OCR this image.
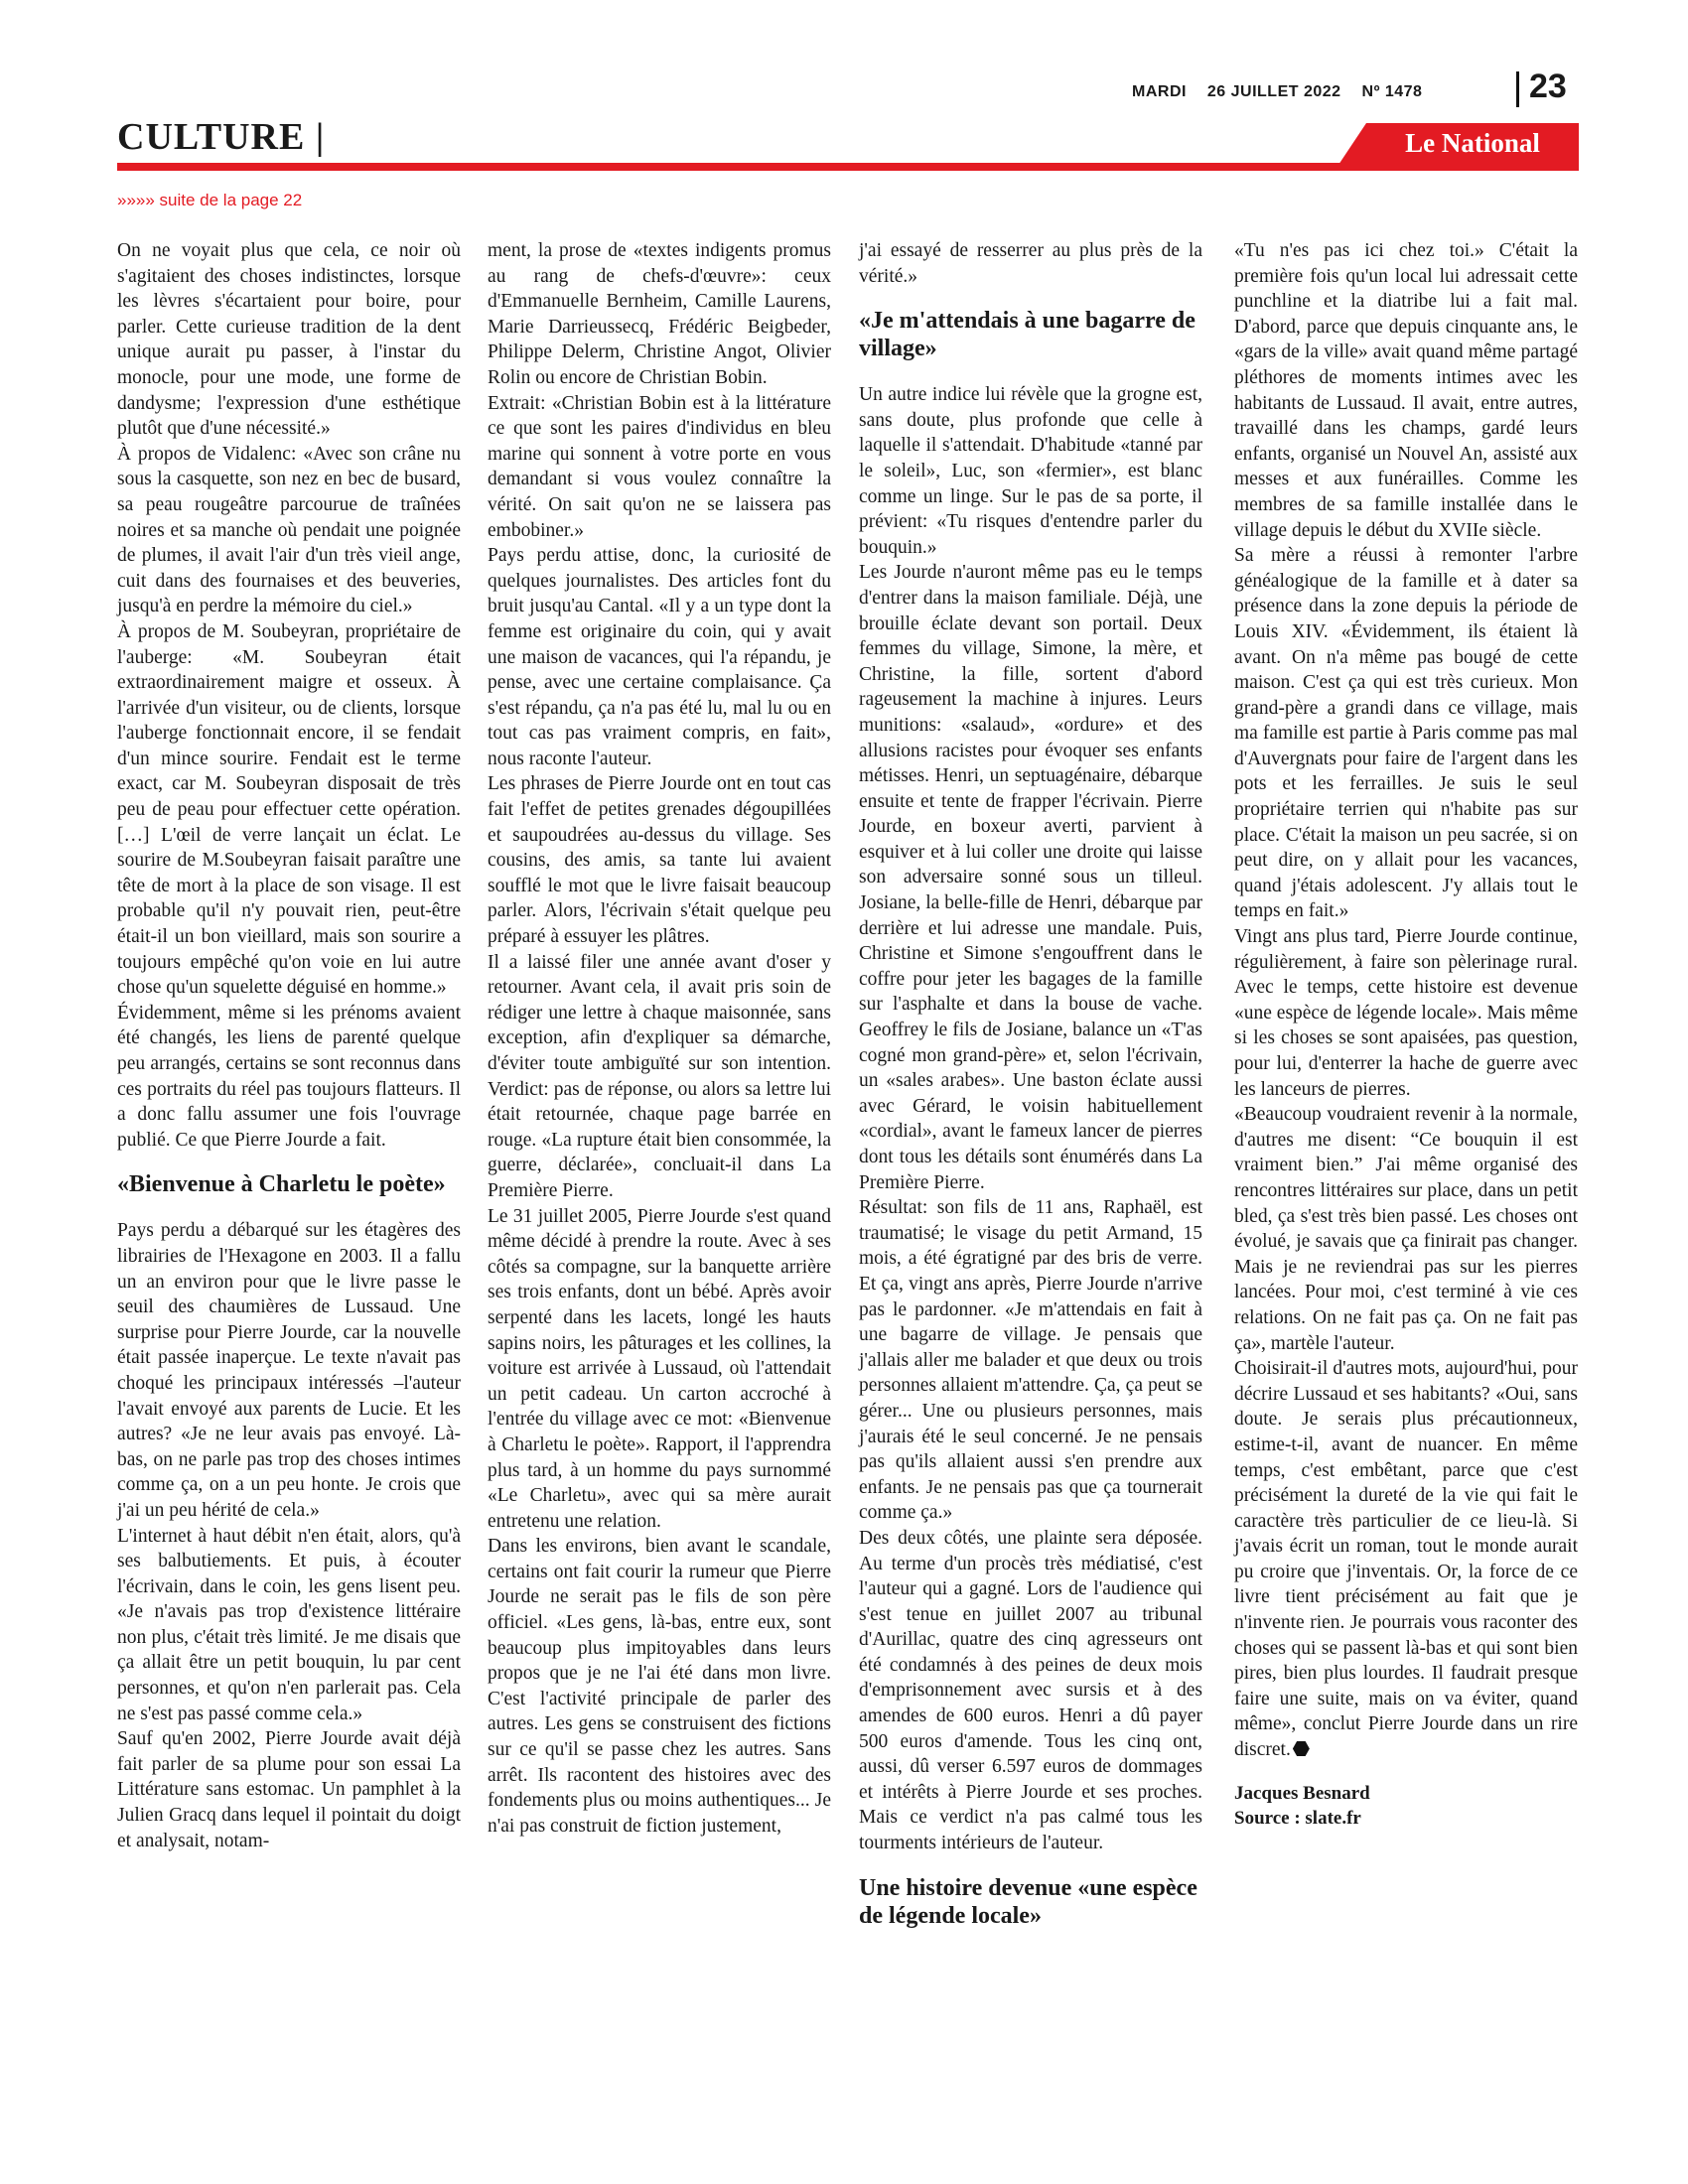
MARDI 26 JUILLET 2022 Nº 1478	23
CULTURE |	Le National
»»»» suite de la page 22

On ne voyait plus que cela, ce noir où s'agitaient des choses indistinctes, lorsque les lèvres s'écartaient pour boire, pour parler. Cette curieuse tradition de la dent unique aurait pu passer, à l'instar du monocle, pour une mode, une forme de dandysme; l'expression d'une esthétique plutôt que d'une nécessité.»

À propos de Vidalenc: «Avec son crâne nu sous la casquette, son nez en bec de busard, sa peau rougeâtre parcourue de traînées noires et sa manche où pendait une poignée de plumes, il avait l'air d'un très vieil ange, cuit dans des fournaises et des beuveries, jusqu'à en perdre la mémoire du ciel.»

À propos de M. Soubeyran, propriétaire de l'auberge: «M. Soubeyran était extraordinairement maigre et osseux. À l'arrivée d'un visiteur, ou de clients, lorsque l'auberge fonctionnait encore, il se fendait d'un mince sourire. Fendait est le terme exact, car M. Soubeyran disposait de très peu de peau pour effectuer cette opération. […] L'œil de verre lançait un éclat. Le sourire de M.Soubeyran faisait paraître une tête de mort à la place de son visage. Il est probable qu'il n'y pouvait rien, peut-être était-il un bon vieillard, mais son sourire a toujours empêché qu'on voie en lui autre chose qu'un squelette déguisé en homme.»

Évidemment, même si les prénoms avaient été changés, les liens de parenté quelque peu arrangés, certains se sont reconnus dans ces portraits du réel pas toujours flatteurs. Il a donc fallu assumer une fois l'ouvrage publié. Ce que Pierre Jourde a fait.

«Bienvenue à Charletu le poète»

Pays perdu a débarqué sur les étagères des librairies de l'Hexagone en 2003. Il a fallu un an environ pour que le livre passe le seuil des chaumières de Lussaud. Une surprise pour Pierre Jourde, car la nouvelle était passée inaperçue. Le texte n'avait pas choqué les principaux intéressés –l'auteur l'avait envoyé aux parents de Lucie. Et les autres? «Je ne leur avais pas envoyé. Là-bas, on ne parle pas trop des choses intimes comme ça, on a un peu honte. Je crois que j'ai un peu hérité de cela.»

L'internet à haut débit n'en était, alors, qu'à ses balbutiements. Et puis, à écouter l'écrivain, dans le coin, les gens lisent peu. «Je n'avais pas trop d'existence littéraire non plus, c'était très limité. Je me disais que ça allait être un petit bouquin, lu par cent personnes, et qu'on n'en parlerait pas. Cela ne s'est pas passé comme cela.»

Sauf qu'en 2002, Pierre Jourde avait déjà fait parler de sa plume pour son essai La Littérature sans estomac. Un pamphlet à la Julien Gracq dans lequel il pointait du doigt et analysait, notam-

ment, la prose de «textes indigents promus au rang de chefs-d'œuvre»: ceux d'Emmanuelle Bernheim, Camille Laurens, Marie Darrieussecq, Frédéric Beigbeder, Philippe Delerm, Christine Angot, Olivier Rolin ou encore de Christian Bobin.

Extrait: «Christian Bobin est à la littérature ce que sont les paires d'individus en bleu marine qui sonnent à votre porte en vous demandant si vous voulez connaître la vérité. On sait qu'on ne se laissera pas embobiner.»

Pays perdu attise, donc, la curiosité de quelques journalistes. Des articles font du bruit jusqu'au Cantal. «Il y a un type dont la femme est originaire du coin, qui y avait une maison de vacances, qui l'a répandu, je pense, avec une certaine complaisance. Ça s'est répandu, ça n'a pas été lu, mal lu ou en tout cas pas vraiment compris, en fait», nous raconte l'auteur.

Les phrases de Pierre Jourde ont en tout cas fait l'effet de petites grenades dégoupillées et saupoudrées au-dessus du village. Ses cousins, des amis, sa tante lui avaient soufflé le mot que le livre faisait beaucoup parler. Alors, l'écrivain s'était quelque peu préparé à essuyer les plâtres.

Il a laissé filer une année avant d'oser y retourner. Avant cela, il avait pris soin de rédiger une lettre à chaque maisonnée, sans exception, afin d'expliquer sa démarche, d'éviter toute ambiguïté sur son intention. Verdict: pas de réponse, ou alors sa lettre lui était retournée, chaque page barrée en rouge. «La rupture était bien consommée, la guerre, déclarée», concluait-il dans La Première Pierre.

Le 31 juillet 2005, Pierre Jourde s'est quand même décidé à prendre la route. Avec à ses côtés sa compagne, sur la banquette arrière ses trois enfants, dont un bébé. Après avoir serpenté dans les lacets, longé les hauts sapins noirs, les pâturages et les collines, la voiture est arrivée à Lussaud, où l'attendait un petit cadeau. Un carton accroché à l'entrée du village avec ce mot: «Bienvenue à Charletu le poète». Rapport, il l'apprendra plus tard, à un homme du pays surnommé «Le Charletu», avec qui sa mère aurait entretenu une relation.

Dans les environs, bien avant le scandale, certains ont fait courir la rumeur que Pierre Jourde ne serait pas le fils de son père officiel. «Les gens, là-bas, entre eux, sont beaucoup plus impitoyables dans leurs propos que je ne l'ai été dans mon livre. C'est l'activité principale de parler des autres. Les gens se construisent des fictions sur ce qu'il se passe chez les autres. Sans arrêt. Ils racontent des histoires avec des fondements plus ou moins authentiques... Je n'ai pas construit de fiction justement,

j'ai essayé de resserrer au plus près de la vérité.»

«Je m'attendais à une bagarre de village»

Un autre indice lui révèle que la grogne est, sans doute, plus profonde que celle à laquelle il s'attendait. D'habitude «tanné par le soleil», Luc, son «fermier», est blanc comme un linge. Sur le pas de sa porte, il prévient: «Tu risques d'entendre parler du bouquin.»

Les Jourde n'auront même pas eu le temps d'entrer dans la maison familiale. Déjà, une brouille éclate devant son portail. Deux femmes du village, Simone, la mère, et Christine, la fille, sortent d'abord rageusement la machine à injures. Leurs munitions: «salaud», «ordure» et des allusions racistes pour évoquer ses enfants métisses. Henri, un septuagénaire, débarque ensuite et tente de frapper l'écrivain. Pierre Jourde, en boxeur averti, parvient à esquiver et à lui coller une droite qui laisse son adversaire sonné sous un tilleul. Josiane, la belle-fille de Henri, débarque par derrière et lui adresse une mandale. Puis, Christine et Simone s'engouffrent dans le coffre pour jeter les bagages de la famille sur l'asphalte et dans la bouse de vache. Geoffrey le fils de Josiane, balance un «T'as cogné mon grand-père» et, selon l'écrivain, un «sales arabes». Une baston éclate aussi avec Gérard, le voisin habituellement «cordial», avant le fameux lancer de pierres dont tous les détails sont énumérés dans La Première Pierre.

Résultat: son fils de 11 ans, Raphaël, est traumatisé; le visage du petit Armand, 15 mois, a été égratigné par des bris de verre. Et ça, vingt ans après, Pierre Jourde n'arrive pas le pardonner. «Je m'attendais en fait à une bagarre de village. Je pensais que j'allais aller me balader et que deux ou trois personnes allaient m'attendre. Ça, ça peut se gérer... Une ou plusieurs personnes, mais j'aurais été le seul concerné. Je ne pensais pas qu'ils allaient aussi s'en prendre aux enfants. Je ne pensais pas que ça tournerait comme ça.»

Des deux côtés, une plainte sera déposée. Au terme d'un procès très médiatisé, c'est l'auteur qui a gagné. Lors de l'audience qui s'est tenue en juillet 2007 au tribunal d'Aurillac, quatre des cinq agresseurs ont été condamnés à des peines de deux mois d'emprisonnement avec sursis et à des amendes de 600 euros. Henri a dû payer 500 euros d'amende. Tous les cinq ont, aussi, dû verser 6.597 euros de dommages et intérêts à Pierre Jourde et ses proches. Mais ce verdict n'a pas calmé tous les tourments intérieurs de l'auteur.

Une histoire devenue «une espèce de légende locale»

«Tu n'es pas ici chez toi.» C'était la première fois qu'un local lui adressait cette punchline et la diatribe lui a fait mal. D'abord, parce que depuis cinquante ans, le «gars de la ville» avait quand même partagé pléthores de moments intimes avec les habitants de Lussaud. Il avait, entre autres, travaillé dans les champs, gardé leurs enfants, organisé un Nouvel An, assisté aux messes et aux funérailles. Comme les membres de sa famille installée dans le village depuis le début du XVIIe siècle.

Sa mère a réussi à remonter l'arbre généalogique de la famille et à dater sa présence dans la zone depuis la période de Louis XIV. «Évidemment, ils étaient là avant. On n'a même pas bougé de cette maison. C'est ça qui est très curieux. Mon grand-père a grandi dans ce village, mais ma famille est partie à Paris comme pas mal d'Auvergnats pour faire de l'argent dans les pots et les ferrailles. Je suis le seul propriétaire terrien qui n'habite pas sur place. C'était la maison un peu sacrée, si on peut dire, on y allait pour les vacances, quand j'étais adolescent. J'y allais tout le temps en fait.»

Vingt ans plus tard, Pierre Jourde continue, régulièrement, à faire son pèlerinage rural. Avec le temps, cette histoire est devenue «une espèce de légende locale». Mais même si les choses se sont apaisées, pas question, pour lui, d'enterrer la hache de guerre avec les lanceurs de pierres.

«Beaucoup voudraient revenir à la normale, d'autres me disent: “Ce bouquin il est vraiment bien.” J'ai même organisé des rencontres littéraires sur place, dans un petit bled, ça s'est très bien passé. Les choses ont évolué, je savais que ça finirait pas changer. Mais je ne reviendrai pas sur les pierres lancées. Pour moi, c'est terminé à vie ces relations. On ne fait pas ça. On ne fait pas ça», martèle l'auteur.

Choisirait-il d'autres mots, aujourd'hui, pour décrire Lussaud et ses habitants? «Oui, sans doute. Je serais plus précautionneux, estime-t-il, avant de nuancer. En même temps, c'est embêtant, parce que c'est précisément la dureté de la vie qui fait le caractère très particulier de ce lieu-là. Si j'avais écrit un roman, tout le monde aurait pu croire que j'inventais. Or, la force de ce livre tient précisément au fait que je n'invente rien. Je pourrais vous raconter des choses qui se passent là-bas et qui sont bien pires, bien plus lourdes. Il faudrait presque faire une suite, mais on va éviter, quand même», conclut Pierre Jourde dans un rire discret.

Jacques Besnard
Source : slate.fr
